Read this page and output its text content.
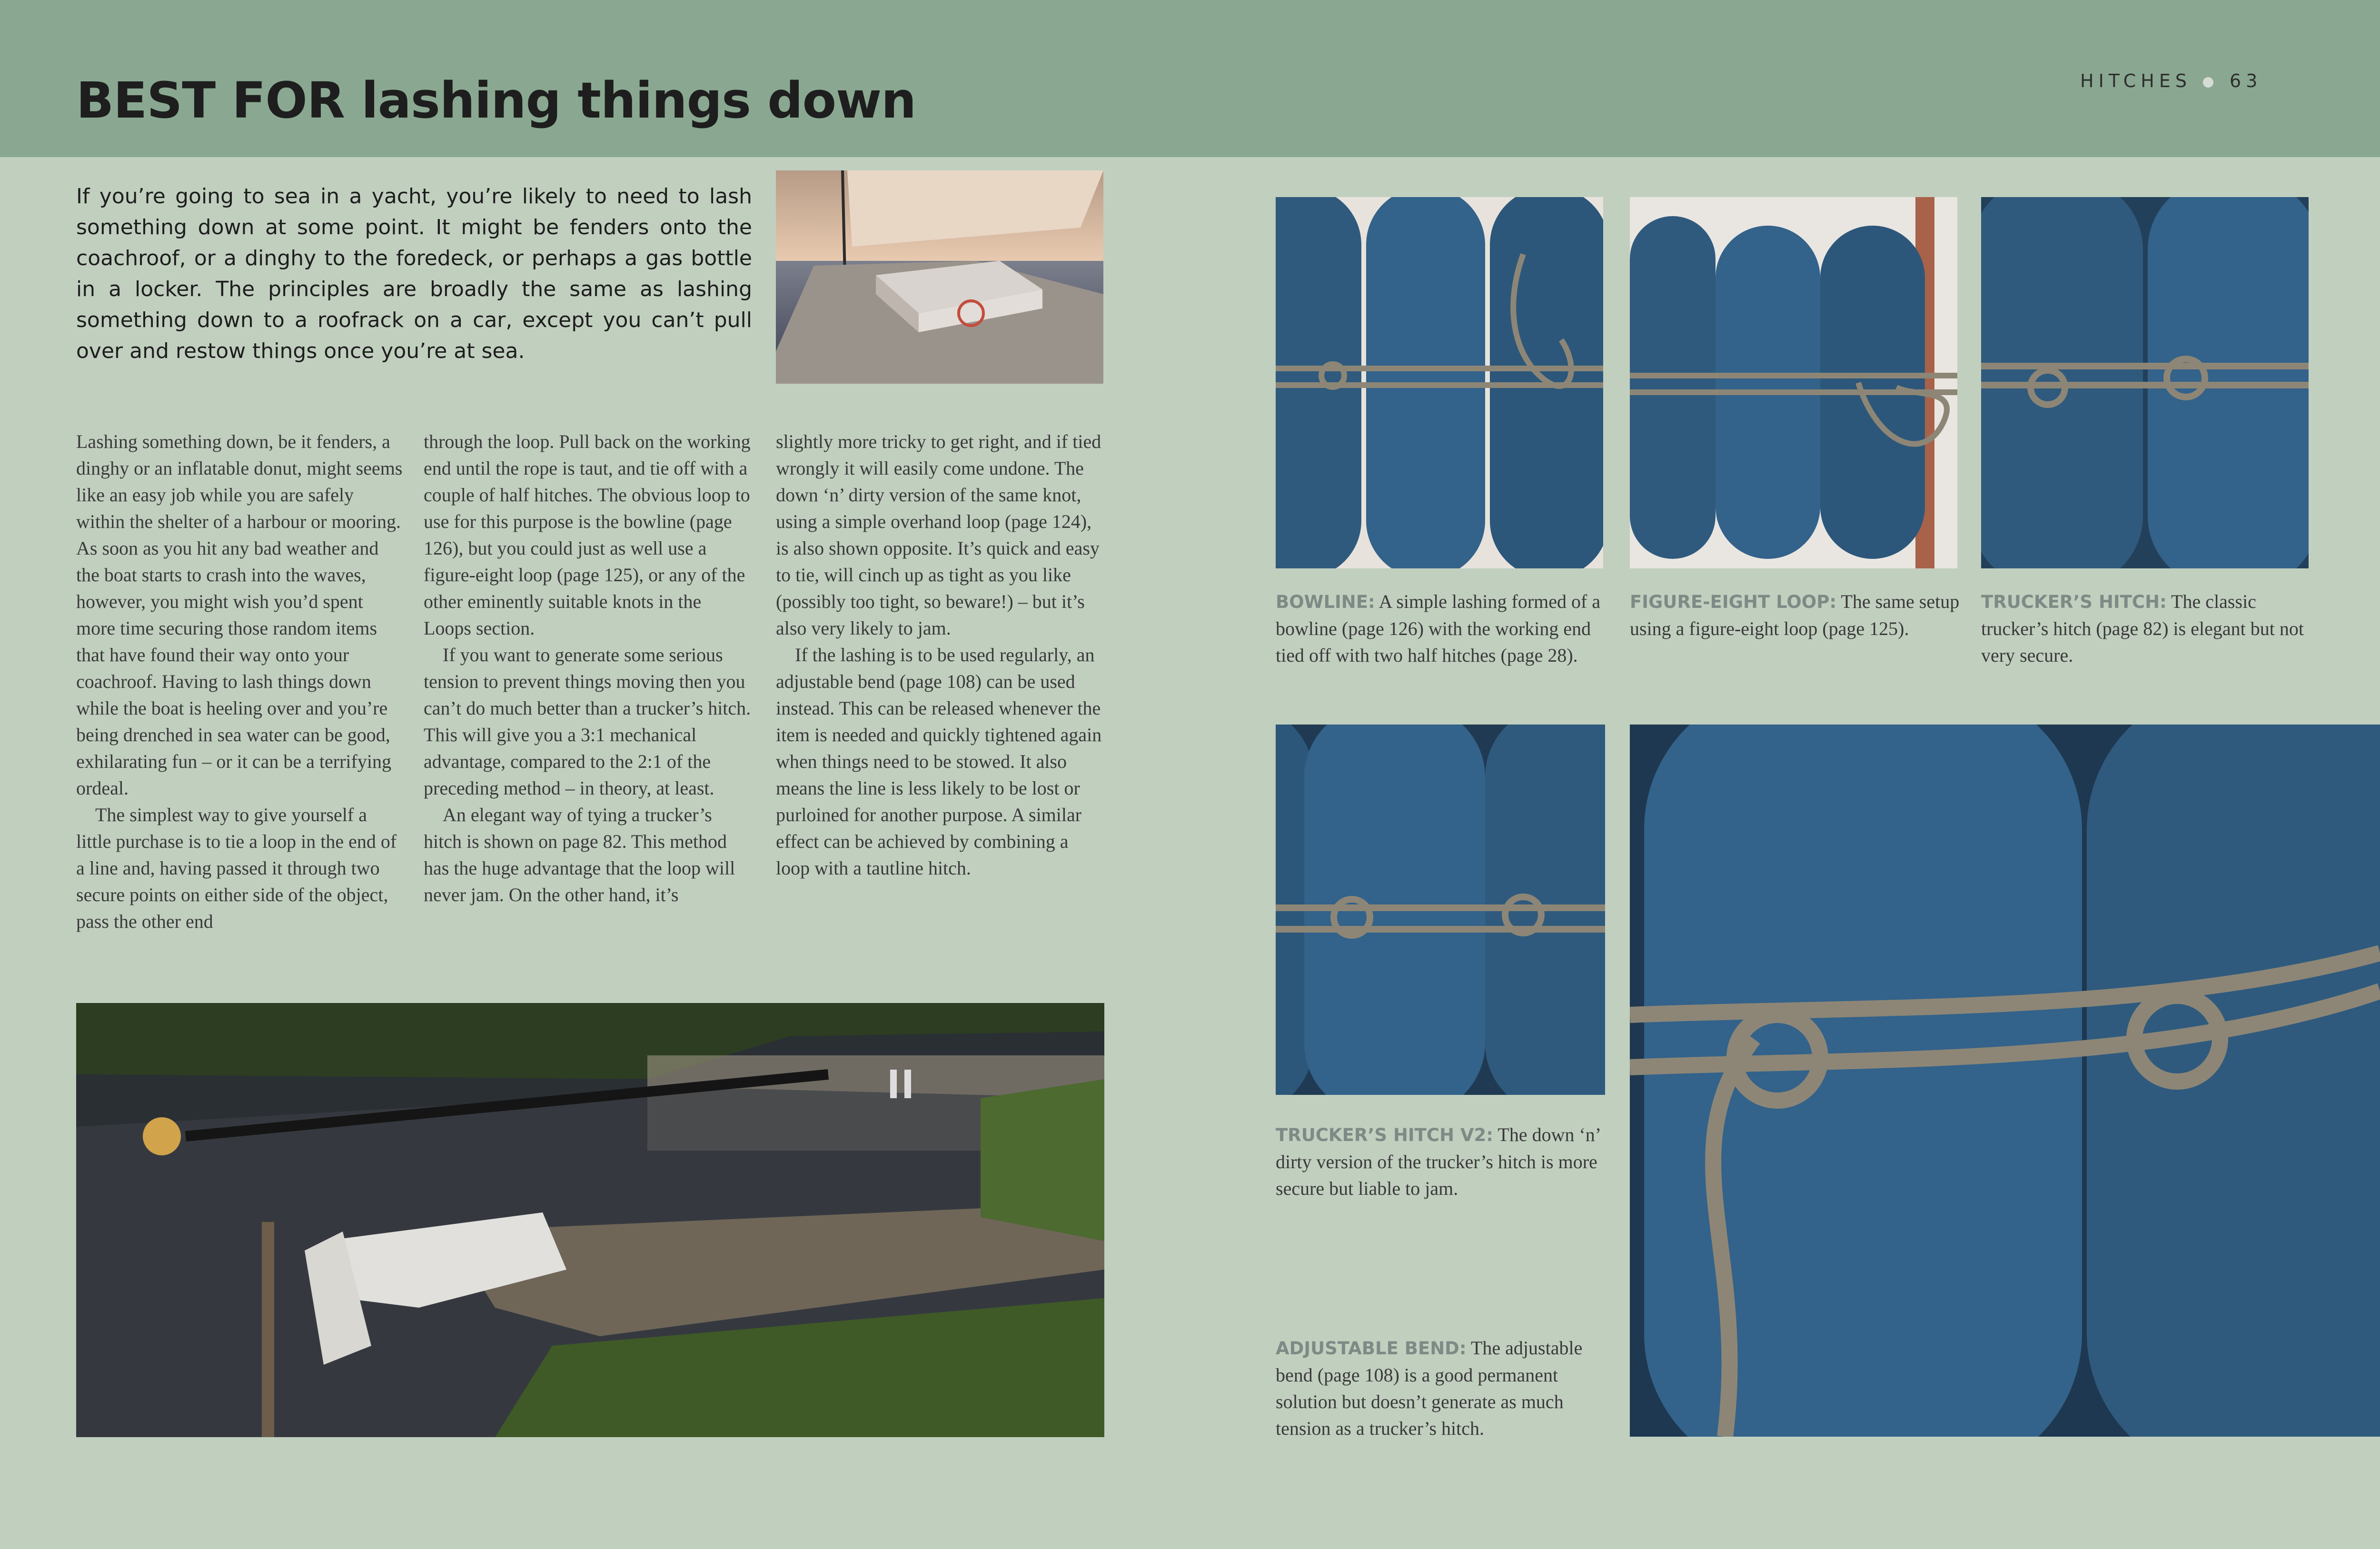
BEST FOR lashing things down	HITCHES 63

If you’re going to sea in a yacht, you’re likely to need to lash something down at some point. It might be fenders onto the coachroof, or a dinghy to the foredeck, or perhaps a gas bottle in a locker. The principles are broadly the same as lashing something down to a roofrack on a car, except you can’t pull over and restow things once you’re at sea.

Lashing something down, be it fenders, a dinghy or an inflatable donut, might seems like an easy job while you are safely within the shelter of a harbour or mooring. As soon as you hit any bad weather and the boat starts to crash into the waves, however, you might wish you’d spent more time securing those random items that have found their way onto your coachroof. Having to lash things down while the boat is heeling over and you’re being drenched in sea water can be good, exhilarating fun – or it can be a terrifying ordeal.

The simplest way to give yourself a little purchase is to tie a loop in the end of a line and, having passed it through two secure points on either side of the object, pass the other end

through the loop. Pull back on the working end until the rope is taut, and tie off with a couple of half hitches. The obvious loop to use for this purpose is the bowline (page 126), but you could just as well use a figure-eight loop (page 125), or any of the other eminently suitable knots in the Loops section.

If you want to generate some serious tension to prevent things moving then you can’t do much better than a trucker’s hitch. This will give you a 3:1 mechanical advantage, compared to the 2:1 of the preceding method – in theory, at least.

An elegant way of tying a trucker’s hitch is shown on page 82. This method has the huge advantage that the loop will never jam. On the other hand, it’s

slightly more tricky to get right, and if tied wrongly it will easily come undone. The down ‘n’ dirty version of the same knot, using a simple overhand loop (page 124), is also shown opposite. It’s quick and easy to tie, will cinch up as tight as you like (possibly too tight, so beware!) – but it’s also very likely to jam.

If the lashing is to be used regularly, an adjustable bend (page 108) can be used instead. This can be released whenever the item is needed and quickly tightened again when things need to be stowed. It also means the line is less likely to be lost or purloined for another purpose. A similar effect can be achieved by combining a loop with a tautline hitch.

BOWLINE: A simple lashing formed of a bowline (page 126) with the working end tied off with two half hitches (page 28).

FIGURE-EIGHT LOOP: The same setup using a figure-eight loop (page 125).

TRUCKER’S HITCH: The classic trucker’s hitch (page 82) is elegant but not very secure.

TRUCKER’S HITCH V2: The down ‘n’ dirty version of the trucker’s hitch is more secure but liable to jam.

ADJUSTABLE BEND: The adjustable bend (page 108) is a good permanent solution but doesn’t generate as much tension as a trucker’s hitch.
